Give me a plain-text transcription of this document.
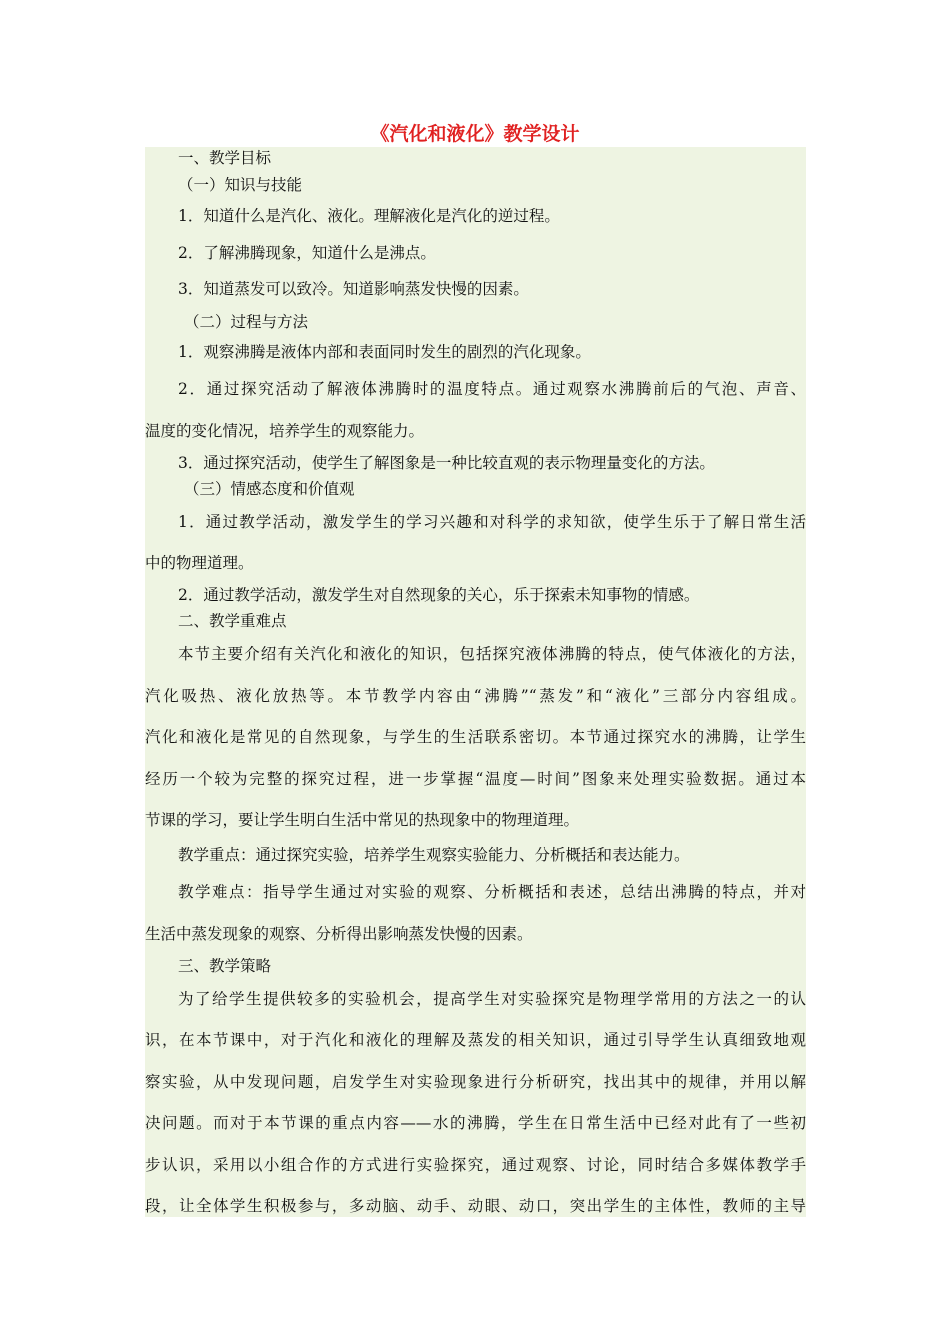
《汽化和液化》教学设计
一、教学目标
（一）知识与技能
1．知道什么是汽化、液化。理解液化是汽化的逆过程。
2．了解沸腾现象，知道什么是沸点。
3．知道蒸发可以致冷。知道影响蒸发快慢的因素。
（二）过程与方法
1．观察沸腾是液体内部和表面同时发生的剧烈的汽化现象。
2．通过探究活动了解液体沸腾时的温度特点。通过观察水沸腾前后的气泡、声音、
温度的变化情况，培养学生的观察能力。
3．通过探究活动，使学生了解图象是一种比较直观的表示物理量变化的方法。
（三）情感态度和价值观
1．通过教学活动，激发学生的学习兴趣和对科学的求知欲，使学生乐于了解日常生活
中的物理道理。
2．通过教学活动，激发学生对自然现象的关心，乐于探索未知事物的情感。
二、教学重难点
本节主要介绍有关汽化和液化的知识，包括探究液体沸腾的特点，使气体液化的方法，
汽化吸热、液化放热等。本节教学内容由“沸腾”“蒸发”和“液化”三部分内容组成。
汽化和液化是常见的自然现象，与学生的生活联系密切。本节通过探究水的沸腾，让学生
经历一个较为完整的探究过程，进一步掌握“温度—时间”图象来处理实验数据。通过本
节课的学习，要让学生明白生活中常见的热现象中的物理道理。
教学重点：通过探究实验，培养学生观察实验能力、分析概括和表达能力。
教学难点：指导学生通过对实验的观察、分析概括和表述，总结出沸腾的特点，并对
生活中蒸发现象的观察、分析得出影响蒸发快慢的因素。
三、教学策略
为了给学生提供较多的实验机会，提高学生对实验探究是物理学常用的方法之一的认
识，在本节课中，对于汽化和液化的理解及蒸发的相关知识，通过引导学生认真细致地观
察实验，从中发现问题，启发学生对实验现象进行分析研究，找出其中的规律，并用以解
决问题。而对于本节课的重点内容——水的沸腾，学生在日常生活中已经对此有了一些初
步认识，采用以小组合作的方式进行实验探究，通过观察、讨论，同时结合多媒体教学手
段，让全体学生积极参与，多动脑、动手、动眼、动口，突出学生的主体性，教师的主导
